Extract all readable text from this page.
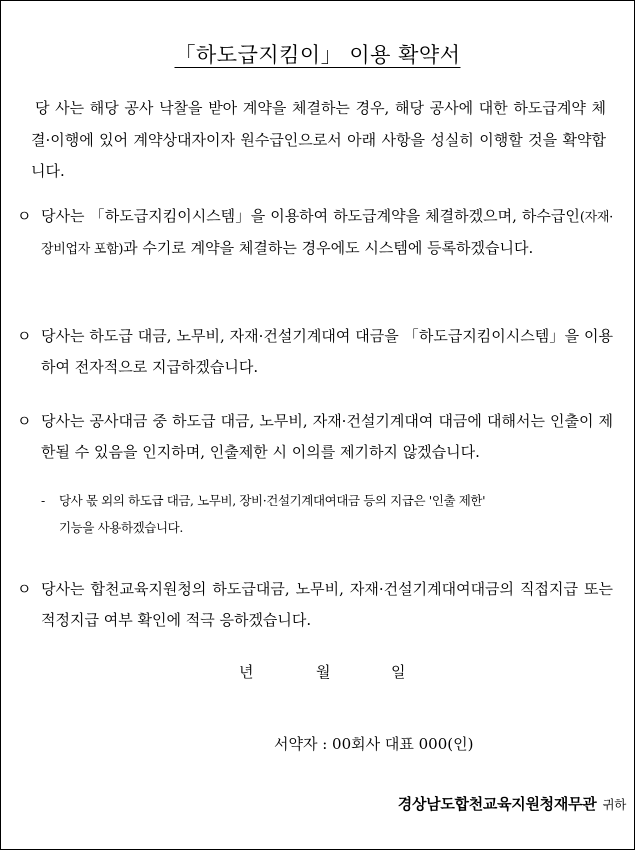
「하도급지킴이」 이용 확약서

당 사는 해당 공사 낙찰을 받아 계약을 체결하는 경우, 해당 공사에 대한 하도급계약 체결·이행에 있어 계약상대자이자 원수급인으로서 아래 사항을 성실히 이행할 것을 확약합니다.

ㅇ 당사는 「하도급지킴이시스템」을 이용하여 하도급계약을 체결하겠으며, 하수급인(자재·장비업자 포함)과 수기로 계약을 체결하는 경우에도 시스템에 등록하겠습니다.
ㅇ 당사는 하도급 대금, 노무비, 자재·건설기계대여 대금을 「하도급지킴이시스템」을 이용하여 전자적으로 지급하겠습니다.
ㅇ 당사는 공사대금 중 하도급 대금, 노무비, 자재·건설기계대여 대금에 대해서는 인출이 제한될 수 있음을 인지하며, 인출제한 시 이의를 제기하지 않겠습니다.

- 당사 몫 외의 하도급 대금, 노무비, 장비·건설기계대여대금 등의 지급은 '인출 제한'
기능을 사용하겠습니다.

ㅇ 당사는 합천교육지원청의 하도급대금, 노무비, 자재·건설기계대여대금의 직접지급 또는 적정지급 여부 확인에 적극 응하겠습니다.
년	월	일

서약자 : 00회사 대표 000(인)

경상남도합천교육지원청재무관 귀하
